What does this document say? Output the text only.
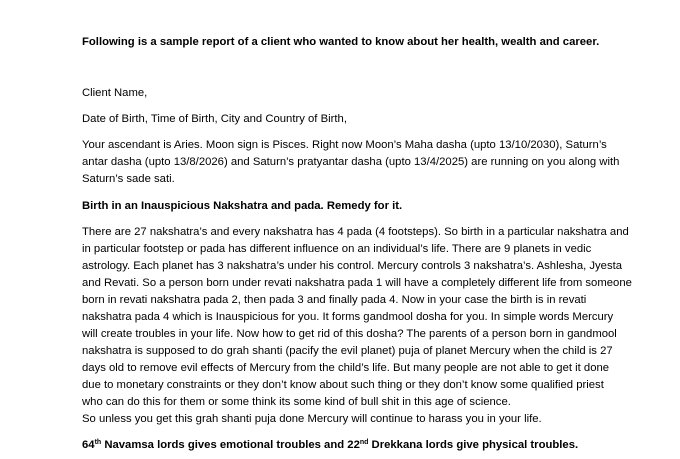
Following is a sample report of a client who wanted to know about her health, wealth and career.
Client Name,
Date of Birth, Time of Birth, City and Country of Birth,
Your ascendant is Aries. Moon sign is Pisces. Right now Moon’s Maha dasha (upto 13/10/2030), Saturn’s
antar dasha (upto 13/8/2026) and Saturn’s pratyantar dasha (upto 13/4/2025) are running on you along with
Saturn’s sade sati.
Birth in an Inauspicious Nakshatra and pada. Remedy for it.
There are 27 nakshatra’s and every nakshatra has 4 pada (4 footsteps). So birth in a particular nakshatra and
in particular footstep or pada has different influence on an individual’s life. There are 9 planets in vedic
astrology. Each planet has 3 nakshatra’s under his control. Mercury controls 3 nakshatra’s. Ashlesha, Jyesta
and Revati. So a person born under revati nakshatra pada 1 will have a completely different life from someone
born in revati nakshatra pada 2, then pada 3 and finally pada 4. Now in your case the birth is in revati
nakshatra pada 4 which is Inauspicious for you. It forms gandmool dosha for you. In simple words Mercury
will create troubles in your life. Now how to get rid of this dosha? The parents of a person born in gandmool
nakshatra is supposed to do grah shanti (pacify the evil planet) puja of planet Mercury when the child is 27
days old to remove evil effects of Mercury from the child’s life. But many people are not able to get it done
due to monetary constraints or they don’t know about such thing or they don’t know some qualified priest
who can do this for them or some think its some kind of bull shit in this age of science.
So unless you get this grah shanti puja done Mercury will continue to harass you in your life.
64th Navamsa lords gives emotional troubles and 22nd Drekkana lords give physical troubles.
